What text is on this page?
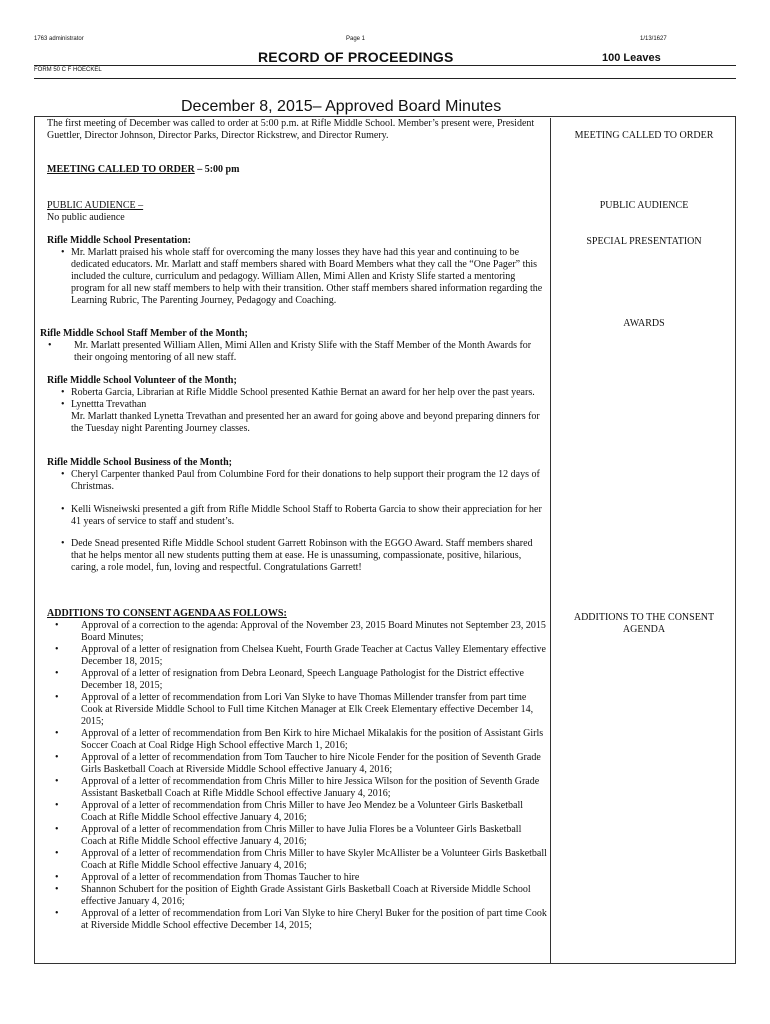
1763 administrator	Page 1	1/13/1627
RECORD OF PROCEEDINGS	100 Leaves
FORM 50 C F HOECKEL
December 8, 2015– Approved Board Minutes
The first meeting of December was called to order at 5:00 p.m. at Rifle Middle School. Member’s present were, President Guettler, Director Johnson, Director Parks, Director Rickstrew, and Director Rumery.
MEETING CALLED TO ORDER – 5:00 pm
PUBLIC AUDIENCE –
No public audience
Rifle Middle School Presentation:
• Mr. Marlatt praised his whole staff for overcoming the many losses they have had this year and continuing to be dedicated educators. Mr. Marlatt and staff members shared with Board Members what they call the “One Pager” this included the culture, curriculum and pedagogy. William Allen, Mimi Allen and Kristy Slife started a mentoring program for all new staff members to help with their transition. Other staff members shared information regarding the Learning Rubric, The Parenting Journey, Pedagogy and Coaching.
Rifle Middle School Staff Member of the Month;
• Mr. Marlatt presented William Allen, Mimi Allen and Kristy Slife with the Staff Member of the Month Awards for their ongoing mentoring of all new staff.
Rifle Middle School Volunteer of the Month;
• Roberta Garcia, Librarian at Rifle Middle School presented Kathie Bernat an award for her help over the past years.
• Lynettta Trevathan
Mr. Marlatt thanked Lynetta Trevathan and presented her an award for going above and beyond preparing dinners for the Tuesday night Parenting Journey classes.
Rifle Middle School Business of the Month;
• Cheryl Carpenter thanked Paul from Columbine Ford for their donations to help support their program the 12 days of Christmas.
• Kelli Wisneiwski presented a gift from Rifle Middle School Staff to Roberta Garcia to show their appreciation for her 41 years of service to staff and student’s.
• Dede Snead presented Rifle Middle School student Garrett Robinson with the EGGO Award. Staff members shared that he helps mentor all new students putting them at ease. He is unassuming, compassionate, positive, hilarious, caring, a role model, fun, loving and respectful. Congratulations Garrett!
ADDITIONS TO CONSENT AGENDA AS FOLLOWS:
• Approval of a correction to the agenda: Approval of the November 23, 2015 Board Minutes not September 23, 2015 Board Minutes;
• Approval of a letter of resignation from Chelsea Kueht, Fourth Grade Teacher at Cactus Valley Elementary effective December 18, 2015;
• Approval of a letter of resignation from Debra Leonard, Speech Language Pathologist for the District effective December 18, 2015;
• Approval of a letter of recommendation from Lori Van Slyke to have Thomas Millender transfer from part time Cook at Riverside Middle School to Full time Kitchen Manager at Elk Creek Elementary effective December 14, 2015;
• Approval of a letter of recommendation from Ben Kirk to hire Michael Mikalakis for the position of Assistant Girls Soccer Coach at Coal Ridge High School effective March 1, 2016;
• Approval of a letter of recommendation from Tom Taucher to hire Nicole Fender for the position of Seventh Grade Girls Basketball Coach at Riverside Middle School effective January 4, 2016;
• Approval of a letter of recommendation from Chris Miller to hire Jessica Wilson for the position of Seventh Grade Assistant Basketball Coach at Rifle Middle School effective January 4, 2016;
• Approval of a letter of recommendation from Chris Miller to have Jeo Mendez be a Volunteer Girls Basketball Coach at Rifle Middle School effective January 4, 2016;
• Approval of a letter of recommendation from Chris Miller to have Julia Flores be a Volunteer Girls Basketball Coach at Rifle Middle School effective January 4, 2016;
• Approval of a letter of recommendation from Chris Miller to have Skyler McAllister be a Volunteer Girls Basketball Coach at Rifle Middle School effective January 4, 2016;
• Approval of a letter of recommendation from Thomas Taucher to hire
• Shannon Schubert for the position of Eighth Grade Assistant Girls Basketball Coach at Riverside Middle School effective January 4, 2016;
• Approval of a letter of recommendation from Lori Van Slyke to hire Cheryl Buker for the position of part time Cook at Riverside Middle School effective December 14, 2015;
MEETING CALLED TO ORDER
PUBLIC AUDIENCE
SPECIAL PRESENTATION
AWARDS
ADDITIONS TO THE CONSENT AGENDA
